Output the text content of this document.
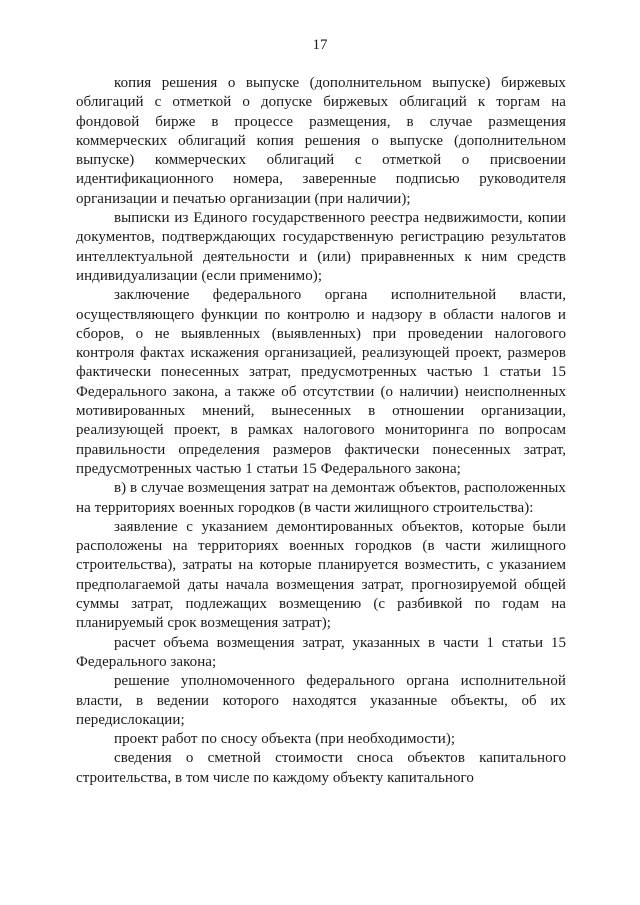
17

копия решения о выпуске (дополнительном выпуске) биржевых облигаций с отметкой о допуске биржевых облигаций к торгам на фондовой бирже в процессе размещения, в случае размещения коммерческих облигаций копия решения о выпуске (дополнительном выпуске) коммерческих облигаций с отметкой о присвоении идентификационного номера, заверенные подписью руководителя организации и печатью организации (при наличии);

выписки из Единого государственного реестра недвижимости, копии документов, подтверждающих государственную регистрацию результатов интеллектуальной деятельности и (или) приравненных к ним средств индивидуализации (если применимо);

заключение федерального органа исполнительной власти, осуществляющего функции по контролю и надзору в области налогов и сборов, о не выявленных (выявленных) при проведении налогового контроля фактах искажения организацией, реализующей проект, размеров фактически понесенных затрат, предусмотренных частью 1 статьи 15 Федерального закона, а также об отсутствии (о наличии) неисполненных мотивированных мнений, вынесенных в отношении организации, реализующей проект, в рамках налогового мониторинга по вопросам правильности определения размеров фактически понесенных затрат, предусмотренных частью 1 статьи 15 Федерального закона;

в) в случае возмещения затрат на демонтаж объектов, расположенных на территориях военных городков (в части жилищного строительства):

заявление с указанием демонтированных объектов, которые были расположены на территориях военных городков (в части жилищного строительства), затраты на которые планируется возместить, с указанием предполагаемой даты начала возмещения затрат, прогнозируемой общей суммы затрат, подлежащих возмещению (с разбивкой по годам на планируемый срок возмещения затрат);

расчет объема возмещения затрат, указанных в части 1 статьи 15 Федерального закона;

решение уполномоченного федерального органа исполнительной власти, в ведении которого находятся указанные объекты, об их передислокации;

проект работ по сносу объекта (при необходимости);

сведения о сметной стоимости сноса объектов капитального строительства, в том числе по каждому объекту капитального
